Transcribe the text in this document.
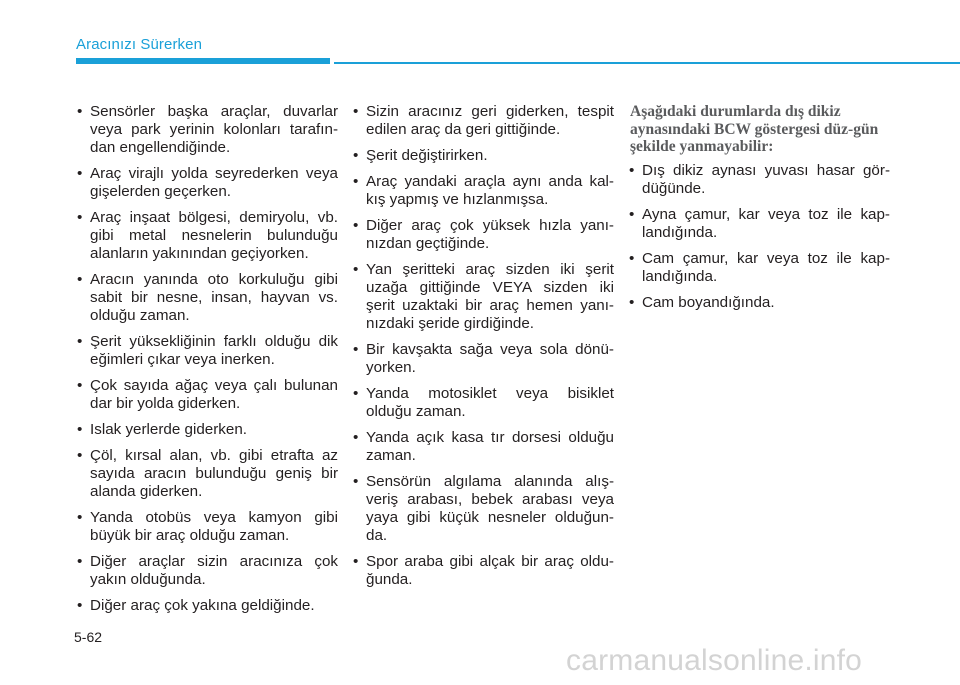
Aracınızı Sürerken
• Sensörler başka araçlar, duvarlar veya park yerinin kolonları tarafın-dan engellendiğinde.
• Araç virajlı yolda seyrederken veya gişelerden geçerken.
• Araç inşaat bölgesi, demiryolu, vb. gibi metal nesnelerin bulunduğu alanların yakınından geçiyorken.
• Aracın yanında oto korkuluğu gibi sabit bir nesne, insan, hayvan vs. olduğu zaman.
• Şerit yüksekliğinin farklı olduğu dik eğimleri çıkar veya inerken.
• Çok sayıda ağaç veya çalı bulunan dar bir yolda giderken.
• Islak yerlerde giderken.
• Çöl, kırsal alan, vb. gibi etrafta az sayıda aracın bulunduğu geniş bir alanda giderken.
• Yanda otobüs veya kamyon gibi büyük bir araç olduğu zaman.
• Diğer araçlar sizin aracınıza çok yakın olduğunda.
• Diğer araç çok yakına geldiğinde.
• Sizin aracınız geri giderken, tespit edilen araç da geri gittiğinde.
• Şerit değiştirirken.
• Araç yandaki araçla aynı anda kal-kış yapmış ve hızlanmışsa.
• Diğer araç çok yüksek hızla yanı-nızdan geçtiğinde.
• Yan şeritteki araç sizden iki şerit uzağa gittiğinde VEYA sizden iki şerit uzaktaki bir araç hemen yanı-nızdaki şeride girdiğinde.
• Bir kavşakta sağa veya sola dönü-yorken.
• Yanda motosiklet veya bisiklet olduğu zaman.
• Yanda açık kasa tır dorsesi olduğu zaman.
• Sensörün algılama alanında alış-veriş arabası, bebek arabası veya yaya gibi küçük nesneler olduğun-da.
• Spor araba gibi alçak bir araç oldu-ğunda.
Aşağıdaki durumlarda dış dikiz aynasındaki BCW göstergesi düz-gün şekilde yanmayabilir:
• Dış dikiz aynası yuvası hasar gör-düğünde.
• Ayna çamur, kar veya toz ile kap-landığında.
• Cam çamur, kar veya toz ile kap-landığında.
• Cam boyandığında.
5-62
carmanualsonline.info
